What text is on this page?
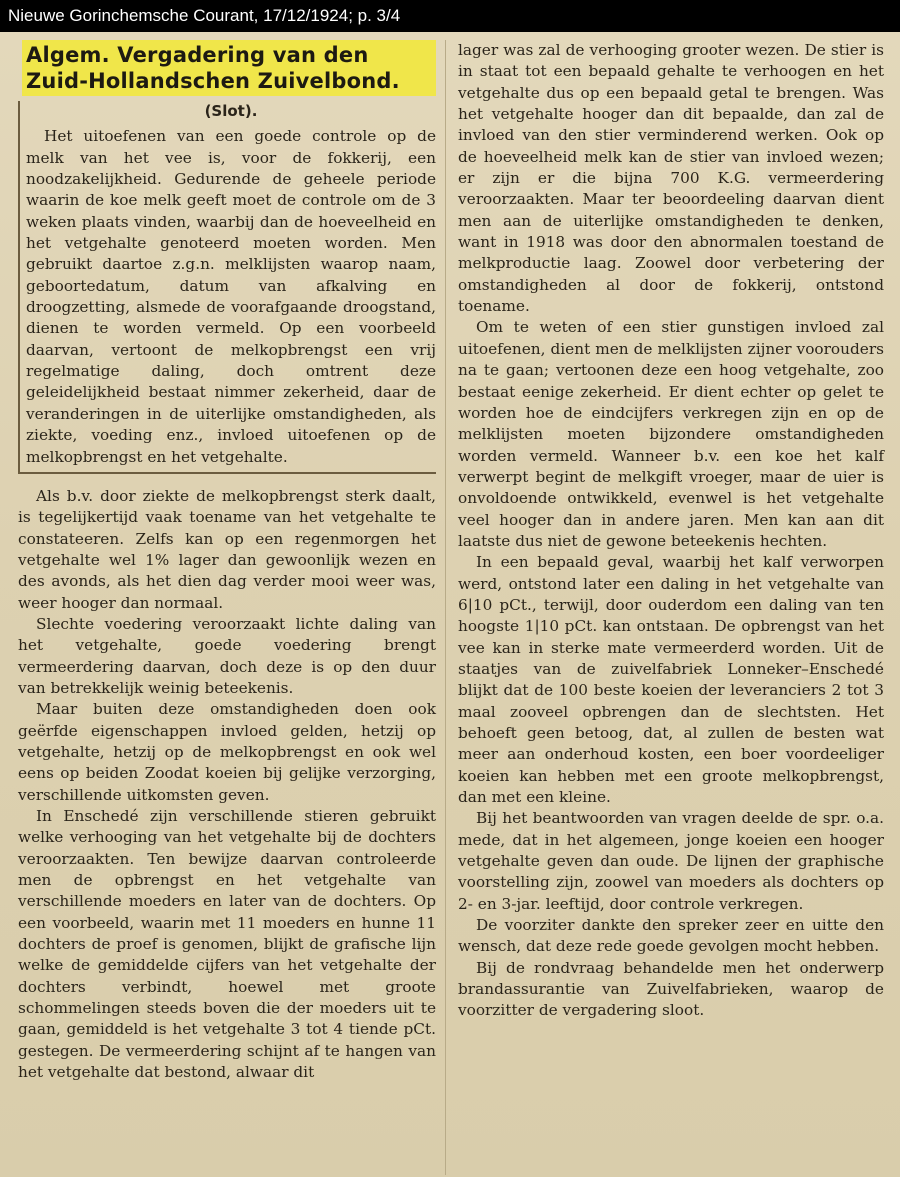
Nieuwe Gorinchemsche Courant, 17/12/1924; p. 3/4
Algem. Vergadering van den Zuid-Hollandschen Zuivelbond.
(Slot).

Het uitoefenen van een goede controle op de melk van het vee is, voor de fokkerij, een noodzakelijkheid. Gedurende de geheele periode waarin de koe melk geeft moet de controle om de 3 weken plaats vinden, waarbij dan de hoeveelheid en het vetgehalte genoteerd moeten worden. Men gebruikt daartoe z.g.n. melklijsten waarop naam, geboortedatum, datum van afkalving en droogzetting, alsmede de voorafgaande droogstand, dienen te worden vermeld. Op een voorbeeld daarvan, vertoont de melkopbrengst een vrij regelmatige daling, doch omtrent deze geleidelijkheid bestaat nimmer zekerheid, daar de veranderingen in de uiterlijke omstandigheden, als ziekte, voeding enz., invloed uitoefenen op de melkopbrengst en het vetgehalte.

Als b.v. door ziekte de melkopbrengst sterk daalt, is tegelijkertijd vaak toename van het vetgehalte te constateeren. Zelfs kan op een regenmorgen het vetgehalte wel 1% lager dan gewoonlijk wezen en des avonds, als het dien dag verder mooi weer was, weer hooger dan normaal.

Slechte voedering veroorzaakt lichte daling van het vetgehalte, goede voedering brengt vermeerdering daarvan, doch deze is op den duur van betrekkelijk weinig beteekenis.

Maar buiten deze omstandigheden doen ook geërfde eigenschappen invloed gelden, hetzij op vetgehalte, hetzij op de melkopbrengst en ook wel eens op beiden Zoodat koeien bij gelijke verzorging, verschillende uitkomsten geven.

In Enschedé zijn verschillende stieren gebruikt welke verhooging van het vetgehalte bij de dochters veroorzaakten. Ten bewijze daarvan controleerde men de opbrengst en het vetgehalte van verschillende moeders en later van de dochters. Op een voorbeeld, waarin met 11 moeders en hunne 11 dochters de proef is genomen, blijkt de grafische lijn welke de gemiddelde cijfers van het vetgehalte der dochters verbindt, hoewel met groote schommelingen steeds boven die der moeders uit te gaan, gemiddeld is het vetgehalte 3 tot 4 tiende pCt. gestegen. De vermeerdering schijnt af te hangen van het vetgehalte dat bestond, alwaar dit

lager was zal de verhooging grooter wezen. De stier is in staat tot een bepaald gehalte te verhoogen en het vetgehalte dus op een bepaald getal te brengen. Was het vetgehalte hooger dan dit bepaalde, dan zal de invloed van den stier verminderend werken. Ook op de hoeveelheid melk kan de stier van invloed wezen; er zijn er die bijna 700 K.G. vermeerdering veroorzaakten. Maar ter beoordeeling daarvan dient men aan de uiterlijke omstandigheden te denken, want in 1918 was door den abnormalen toestand de melkproductie laag. Zoowel door verbetering der omstandigheden al door de fokkerij, ontstond toename.

Om te weten of een stier gunstigen invloed zal uitoefenen, dient men de melklijsten zijner voorouders na te gaan; vertoonen deze een hoog vetgehalte, zoo bestaat eenige zekerheid. Er dient echter op gelet te worden hoe de eindcijfers verkregen zijn en op de melklijsten moeten bijzondere omstandigheden worden vermeld. Wanneer b.v. een koe het kalf verwerpt begint de melkgift vroeger, maar de uier is onvoldoende ontwikkeld, evenwel is het vetgehalte veel hooger dan in andere jaren. Men kan aan dit laatste dus niet de gewone beteekenis hechten.

In een bepaald geval, waarbij het kalf verworpen werd, ontstond later een daling in het vetgehalte van 6|10 pCt., terwijl, door ouderdom een daling van ten hoogste 1|10 pCt. kan ontstaan. De opbrengst van het vee kan in sterke mate vermeerderd worden. Uit de staatjes van de zuivelfabriek Lonneker–Enschedé blijkt dat de 100 beste koeien der leveranciers 2 tot 3 maal zooveel opbrengen dan de slechtsten. Het behoeft geen betoog, dat, al zullen de besten wat meer aan onderhoud kosten, een boer voordeeliger koeien kan hebben met een groote melkopbrengst, dan met een kleine.

Bij het beantwoorden van vragen deelde de spr. o.a. mede, dat in het algemeen, jonge koeien een hooger vetgehalte geven dan oude. De lijnen der graphische voorstelling zijn, zoowel van moeders als dochters op 2- en 3-jar. leeftijd, door controle verkregen.

De voorziter dankte den spreker zeer en uitte den wensch, dat deze rede goede gevolgen mocht hebben.

Bij de rondvraag behandelde men het onderwerp brandassurantie van Zuivelfabrieken, waarop de voorzitter de vergadering sloot.
